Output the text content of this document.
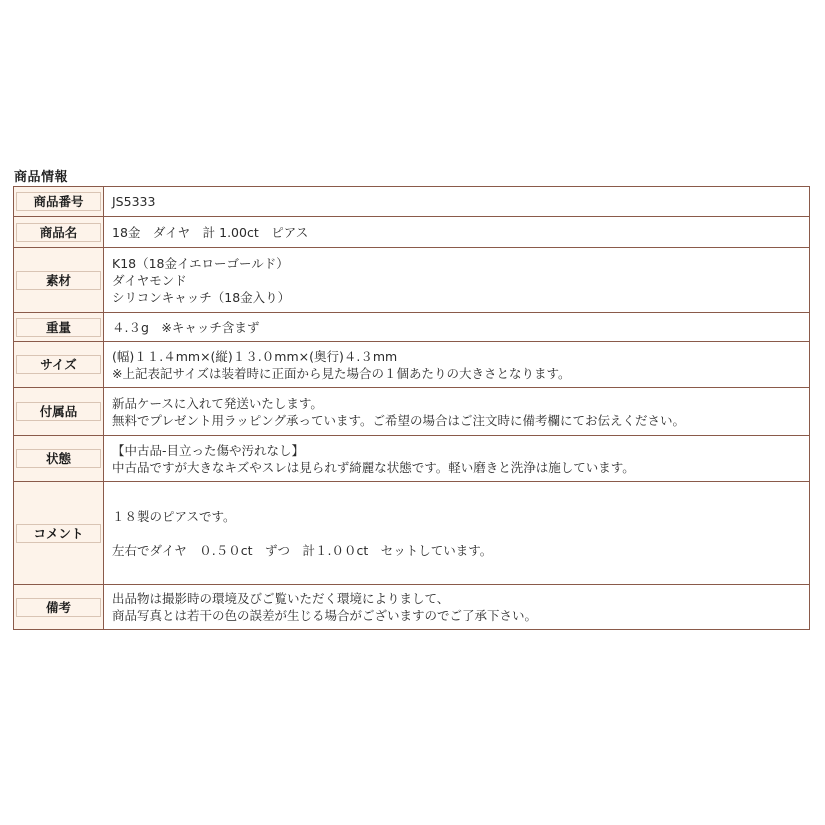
商品情報
商品番号	JS5333

商品名	18金　ダイヤ　計 1.00ct　ピアス

素材	K18（18金イエローゴールド）
ダイヤモンド
シリコンキャッチ（18金入り）

重量	４.３g　※キャッチ含まず

サイズ	(幅)１１.４mm×(縦)１３.０mm×(奥行)４.３mm
※上記表記サイズは装着時に正面から見た場合の１個あたりの大きさとなります。

付属品	新品ケースに入れて発送いたします。
無料でプレゼント用ラッピング承っています。ご希望の場合はご注文時に備考欄にてお伝えください。

状態	【中古品-目立った傷や汚れなし】
中古品ですが大きなキズやスレは見られず綺麗な状態です。軽い磨きと洗浄は施しています。

コメント	１８製のピアスです。
左右でダイヤ　０.５０ct　ずつ　計１.００ct　セットしています。

備考	出品物は撮影時の環境及びご覧いただく環境によりまして、
商品写真とは若干の色の誤差が生じる場合がございますのでご了承下さい。
